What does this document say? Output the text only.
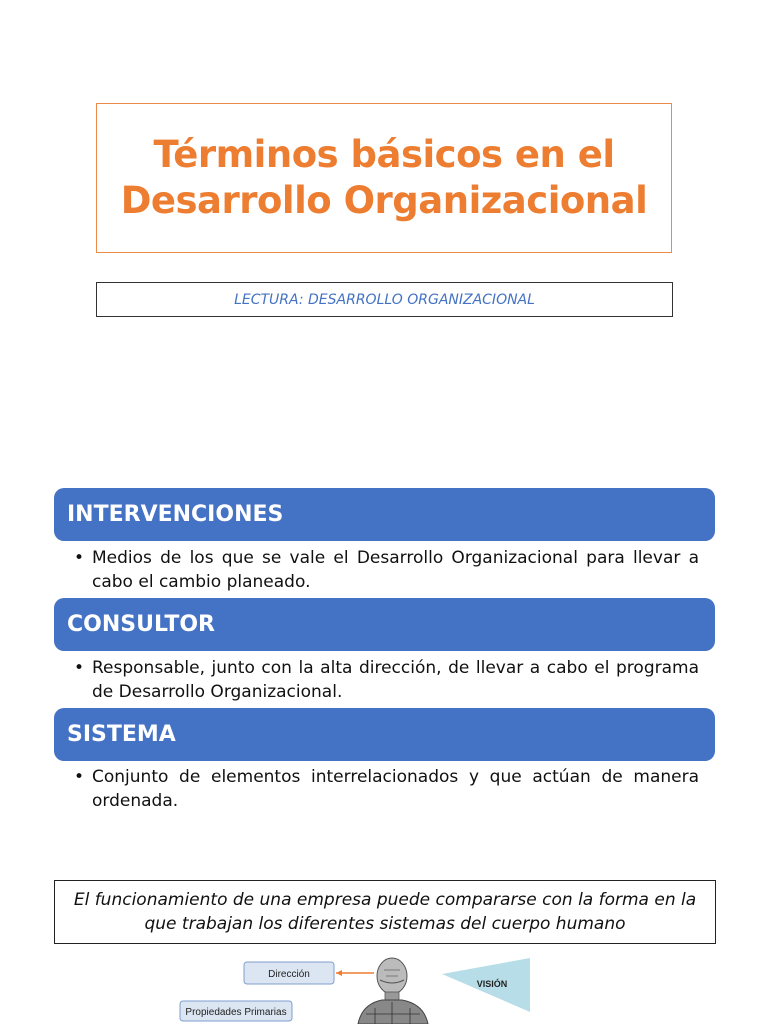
Términos básicos en el
Desarrollo Organizacional
LECTURA: DESARROLLO ORGANIZACIONAL
INTERVENCIONES
• Medios de los que se vale el Desarrollo Organizacional para llevar a cabo el cambio planeado.
CONSULTOR
• Responsable, junto con la alta dirección, de llevar a cabo el programa de Desarrollo Organizacional.
SISTEMA
• Conjunto de elementos interrelacionados y que actúan de manera ordenada.
El funcionamiento de una empresa puede compararse con la forma en la que trabajan los diferentes sistemas del cuerpo humano
Dirección
Propiedades Primarias
VISIÓN
